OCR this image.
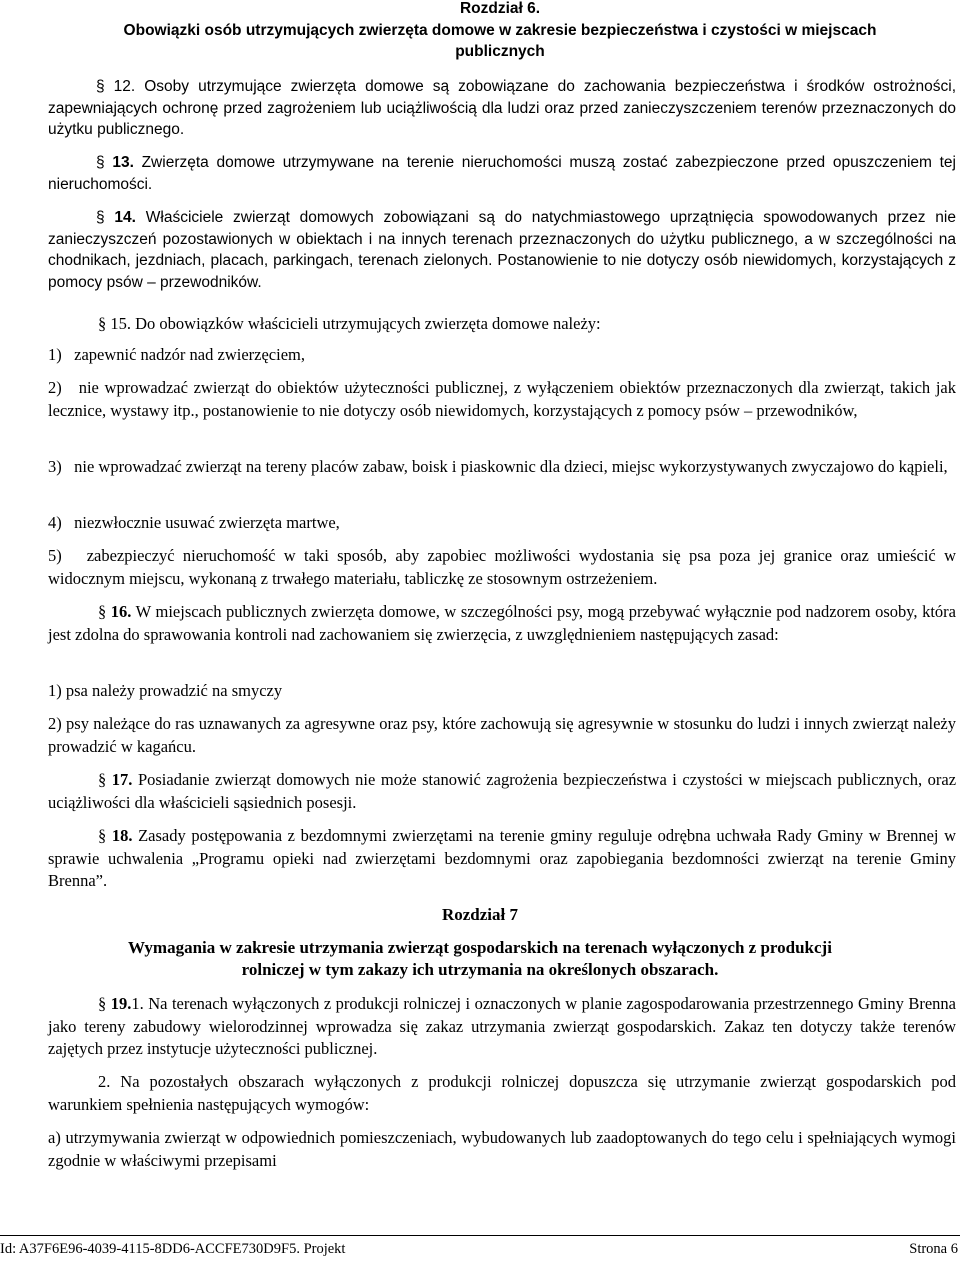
Rozdział 6.
Obowiązki osób utrzymujących zwierzęta domowe w zakresie bezpieczeństwa i czystości w miejscach
publicznych
§ 12. Osoby utrzymujące zwierzęta domowe są zobowiązane do zachowania bezpieczeństwa i środków ostrożności, zapewniających ochronę przed zagrożeniem lub uciążliwością dla ludzi oraz przed zanieczyszczeniem terenów przeznaczonych do użytku publicznego.
§ 13. Zwierzęta domowe utrzymywane na terenie nieruchomości muszą zostać zabezpieczone przed opuszczeniem tej nieruchomości.
§ 14. Właściciele zwierząt domowych zobowiązani są do natychmiastowego uprzątnięcia spowodowanych przez nie zanieczyszczeń pozostawionych w obiektach i na innych terenach przeznaczonych do użytku publicznego, a w szczególności na chodnikach, jezdniach, placach, parkingach, terenach zielonych. Postanowienie to nie dotyczy osób niewidomych, korzystających z pomocy psów – przewodników.
§ 15. Do obowiązków właścicieli utrzymujących zwierzęta domowe należy:
1)   zapewnić nadzór nad zwierzęciem,
2)   nie wprowadzać zwierząt do obiektów użyteczności publicznej, z wyłączeniem obiektów przeznaczonych dla zwierząt, takich jak lecznice, wystawy itp., postanowienie to nie dotyczy osób niewidomych, korzystających z pomocy psów – przewodników,
3)   nie wprowadzać zwierząt na tereny placów zabaw, boisk i piaskownic dla dzieci, miejsc wykorzystywanych zwyczajowo do kąpieli,
4)   niezwłocznie usuwać zwierzęta martwe,
5)   zabezpieczyć nieruchomość w taki sposób, aby zapobiec możliwości wydostania się psa poza jej granice oraz umieścić w widocznym miejscu, wykonaną z trwałego materiału, tabliczkę ze stosownym ostrzeżeniem.
§ 16. W miejscach publicznych zwierzęta domowe, w szczególności psy, mogą przebywać wyłącznie pod nadzorem osoby, która jest zdolna do sprawowania kontroli nad zachowaniem się zwierzęcia, z uwzględnieniem następujących zasad:
1) psa należy prowadzić na smyczy
2) psy należące do ras uznawanych za agresywne oraz psy, które zachowują się agresywnie w stosunku do ludzi i innych zwierząt należy prowadzić w kagańcu.
§ 17. Posiadanie zwierząt domowych nie może stanowić zagrożenia bezpieczeństwa i czystości w miejscach publicznych, oraz uciążliwości dla właścicieli sąsiednich posesji.
§ 18. Zasady postępowania z bezdomnymi zwierzętami na terenie gminy reguluje odrębna uchwała Rady Gminy w Brennej w sprawie uchwalenia „Programu opieki nad zwierzętami bezdomnymi oraz zapobiegania bezdomności zwierząt na terenie Gminy Brenna”.
Rozdział 7
Wymagania w zakresie utrzymania zwierząt gospodarskich na terenach wyłączonych z produkcji
rolniczej w tym zakazy ich utrzymania na określonych obszarach.
§ 19.1. Na terenach wyłączonych z produkcji rolniczej i oznaczonych w planie zagospodarowania przestrzennego Gminy Brenna jako tereny zabudowy wielorodzinnej wprowadza się zakaz utrzymania zwierząt gospodarskich. Zakaz ten dotyczy także terenów zajętych przez instytucje użyteczności publicznej.
2. Na pozostałych obszarach wyłączonych z produkcji rolniczej dopuszcza się utrzymanie zwierząt gospodarskich pod warunkiem spełnienia następujących wymogów:
a) utrzymywania zwierząt w odpowiednich pomieszczeniach, wybudowanych lub zaadoptowanych do tego celu i spełniających wymogi zgodnie w właściwymi przepisami
Id: A37F6E96-4039-4115-8DD6-ACCFE730D9F5. Projekt	Strona 6
